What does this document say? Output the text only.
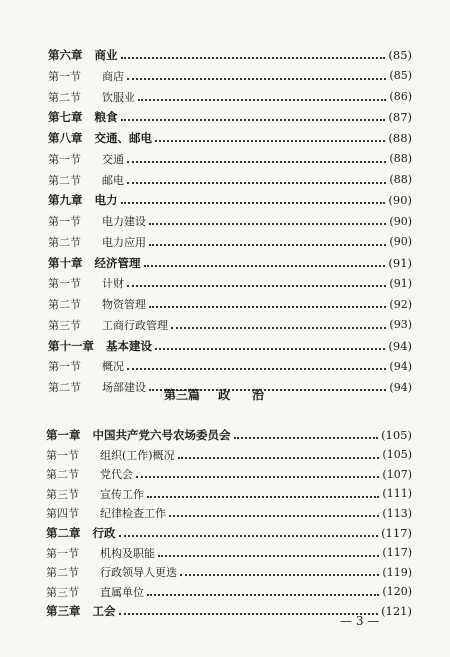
第六章 商业	(85)
第一节	商店	(85)
第二节	饮服业	(86)
第七章 粮食	(87)
第八章 交通、邮电	(88)
第一节	交通	(88)
第二节	邮电	(88)
第九章 电力	(90)
第一节	电力建设	(90)
第二节	电力应用	(90)
第十章 经济管理	(91)
第一节	计财	(91)
第二节	物资管理	(92)
第三节	工商行政管理	(93)
第十一章 基本建设	(94)
第一节	概况	(94)
第二节	场部建设	(94)
第一章 中国共产党六号农场委员会	(105)
第一节	组织(工作)概况	(105)
第二节	党代会	(107)
第三节	宣传工作	(111)
第四节	纪律检查工作	(113)
第二章 行政	(117)
第一节	机构及职能	(117)
第二节	行政领导人更迭	(119)
第三节	直属单位	(120)
第三章 工会	(121)
第三篇 政治
— 3 —
